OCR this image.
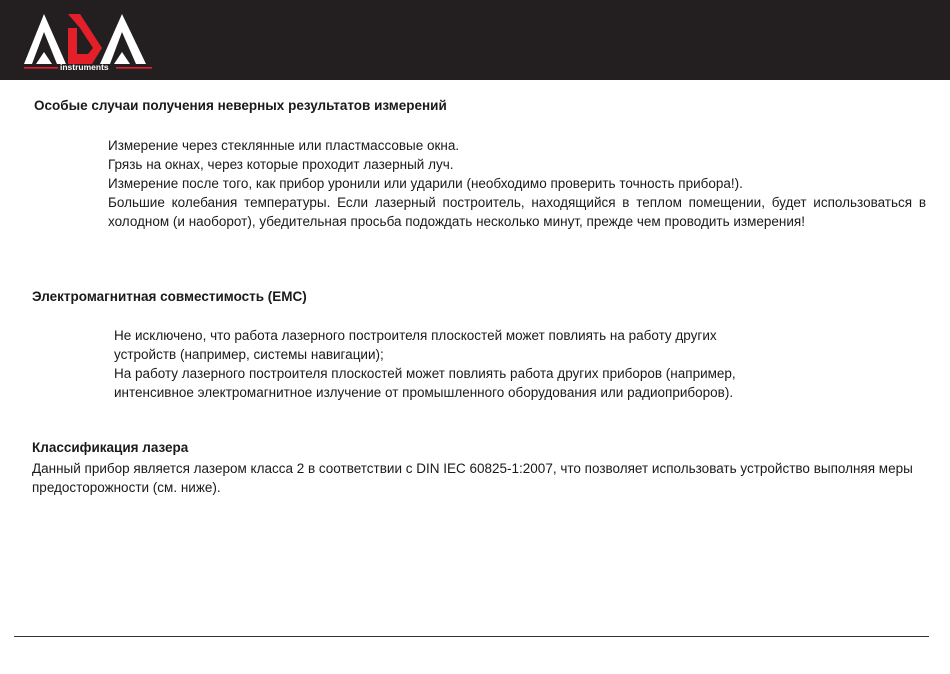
instruments
Особые случаи получения неверных результатов измерений
Измерение через стеклянные или пластмассовые окна.
Грязь на окнах, через которые проходит лазерный луч.
Измерение после того, как прибор уронили или ударили (необходимо проверить точность прибора!).
Большие колебания температуры. Если лазерный построитель, находящийся в теплом помещении, будет использоваться в холодном (и наоборот), убедительная просьба подождать несколько минут, прежде чем проводить измерения!
Электромагнитная совместимость (EMC)
Не исключено, что работа лазерного построителя плоскостей может повлиять на работу других
устройств (например, системы навигации);
На работу лазерного построителя плоскостей может повлиять работа других приборов (например,
интенсивное электромагнитное излучение от промышленного оборудования или радиоприборов).
Классификация лазера
Данный прибор является лазером класса 2 в соответствии с DIN IEC 60825-1:2007, что позволяет использовать устройство выполняя меры предосторожности (см. ниже).
